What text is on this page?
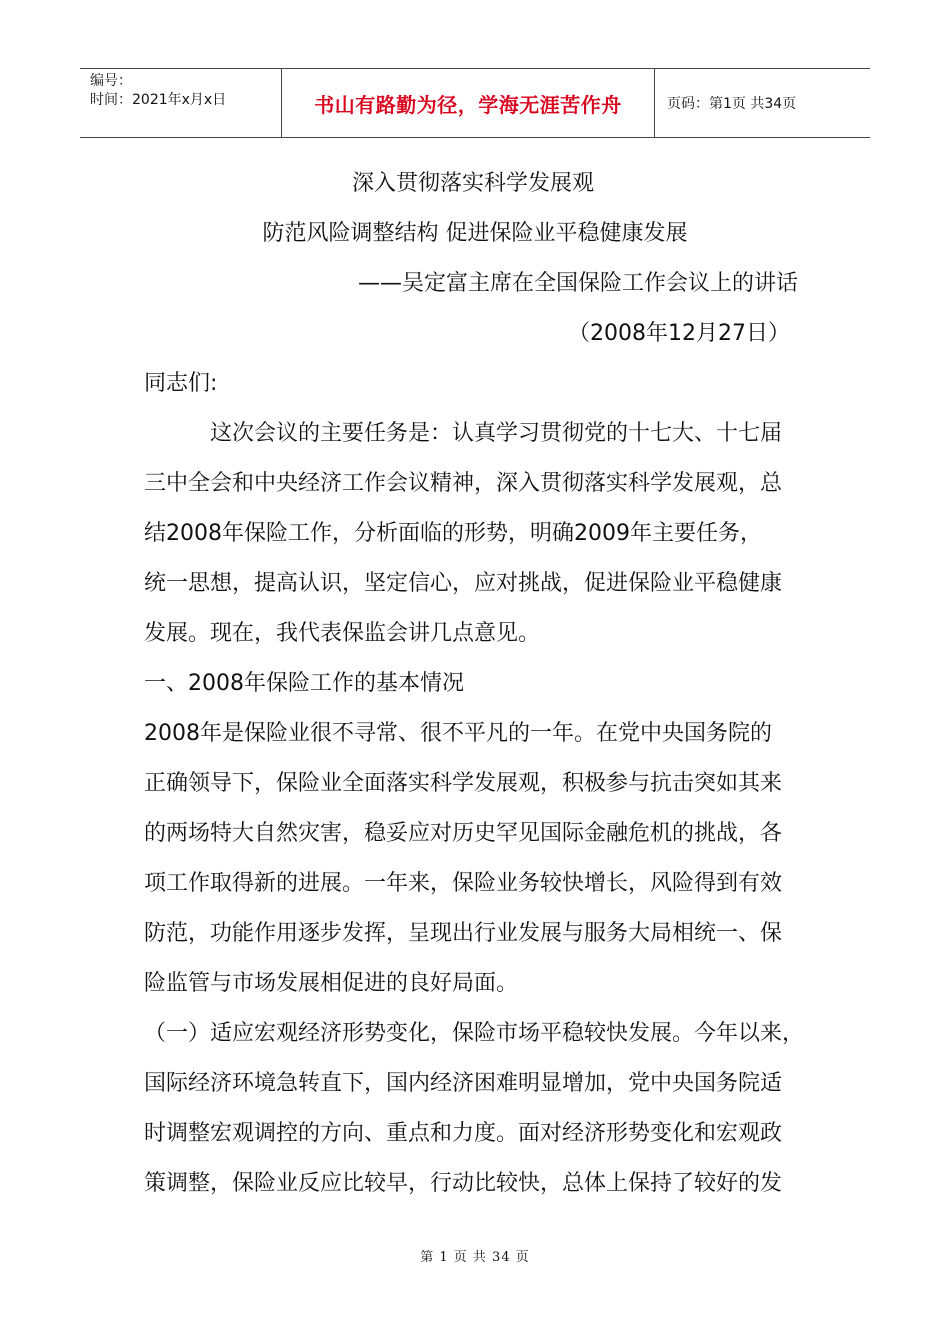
编号：
时间：2021年x月x日	书山有路勤为径，学海无涯苦作舟	页码：第1页 共34页
深入贯彻落实科学发展观
防范风险调整结构 促进保险业平稳健康发展
——吴定富主席在全国保险工作会议上的讲话
（2008年12月27日）
同志们:
这次会议的主要任务是：认真学习贯彻党的十七大、十七届
三中全会和中央经济工作会议精神，深入贯彻落实科学发展观，总
结2008年保险工作，分析面临的形势，明确2009年主要任务，
统一思想，提高认识，坚定信心，应对挑战，促进保险业平稳健康
发展。现在，我代表保监会讲几点意见。
一、2008年保险工作的基本情况
2008年是保险业很不寻常、很不平凡的一年。在党中央国务院的
正确领导下，保险业全面落实科学发展观，积极参与抗击突如其来
的两场特大自然灾害，稳妥应对历史罕见国际金融危机的挑战，各
项工作取得新的进展。一年来，保险业务较快增长，风险得到有效
防范，功能作用逐步发挥，呈现出行业发展与服务大局相统一、保
险监管与市场发展相促进的良好局面。
（一）适应宏观经济形势变化，保险市场平稳较快发展。今年以来，
国际经济环境急转直下，国内经济困难明显增加，党中央国务院适
时调整宏观调控的方向、重点和力度。面对经济形势变化和宏观政
策调整，保险业反应比较早，行动比较快，总体上保持了较好的发
第 1 页 共 34 页
